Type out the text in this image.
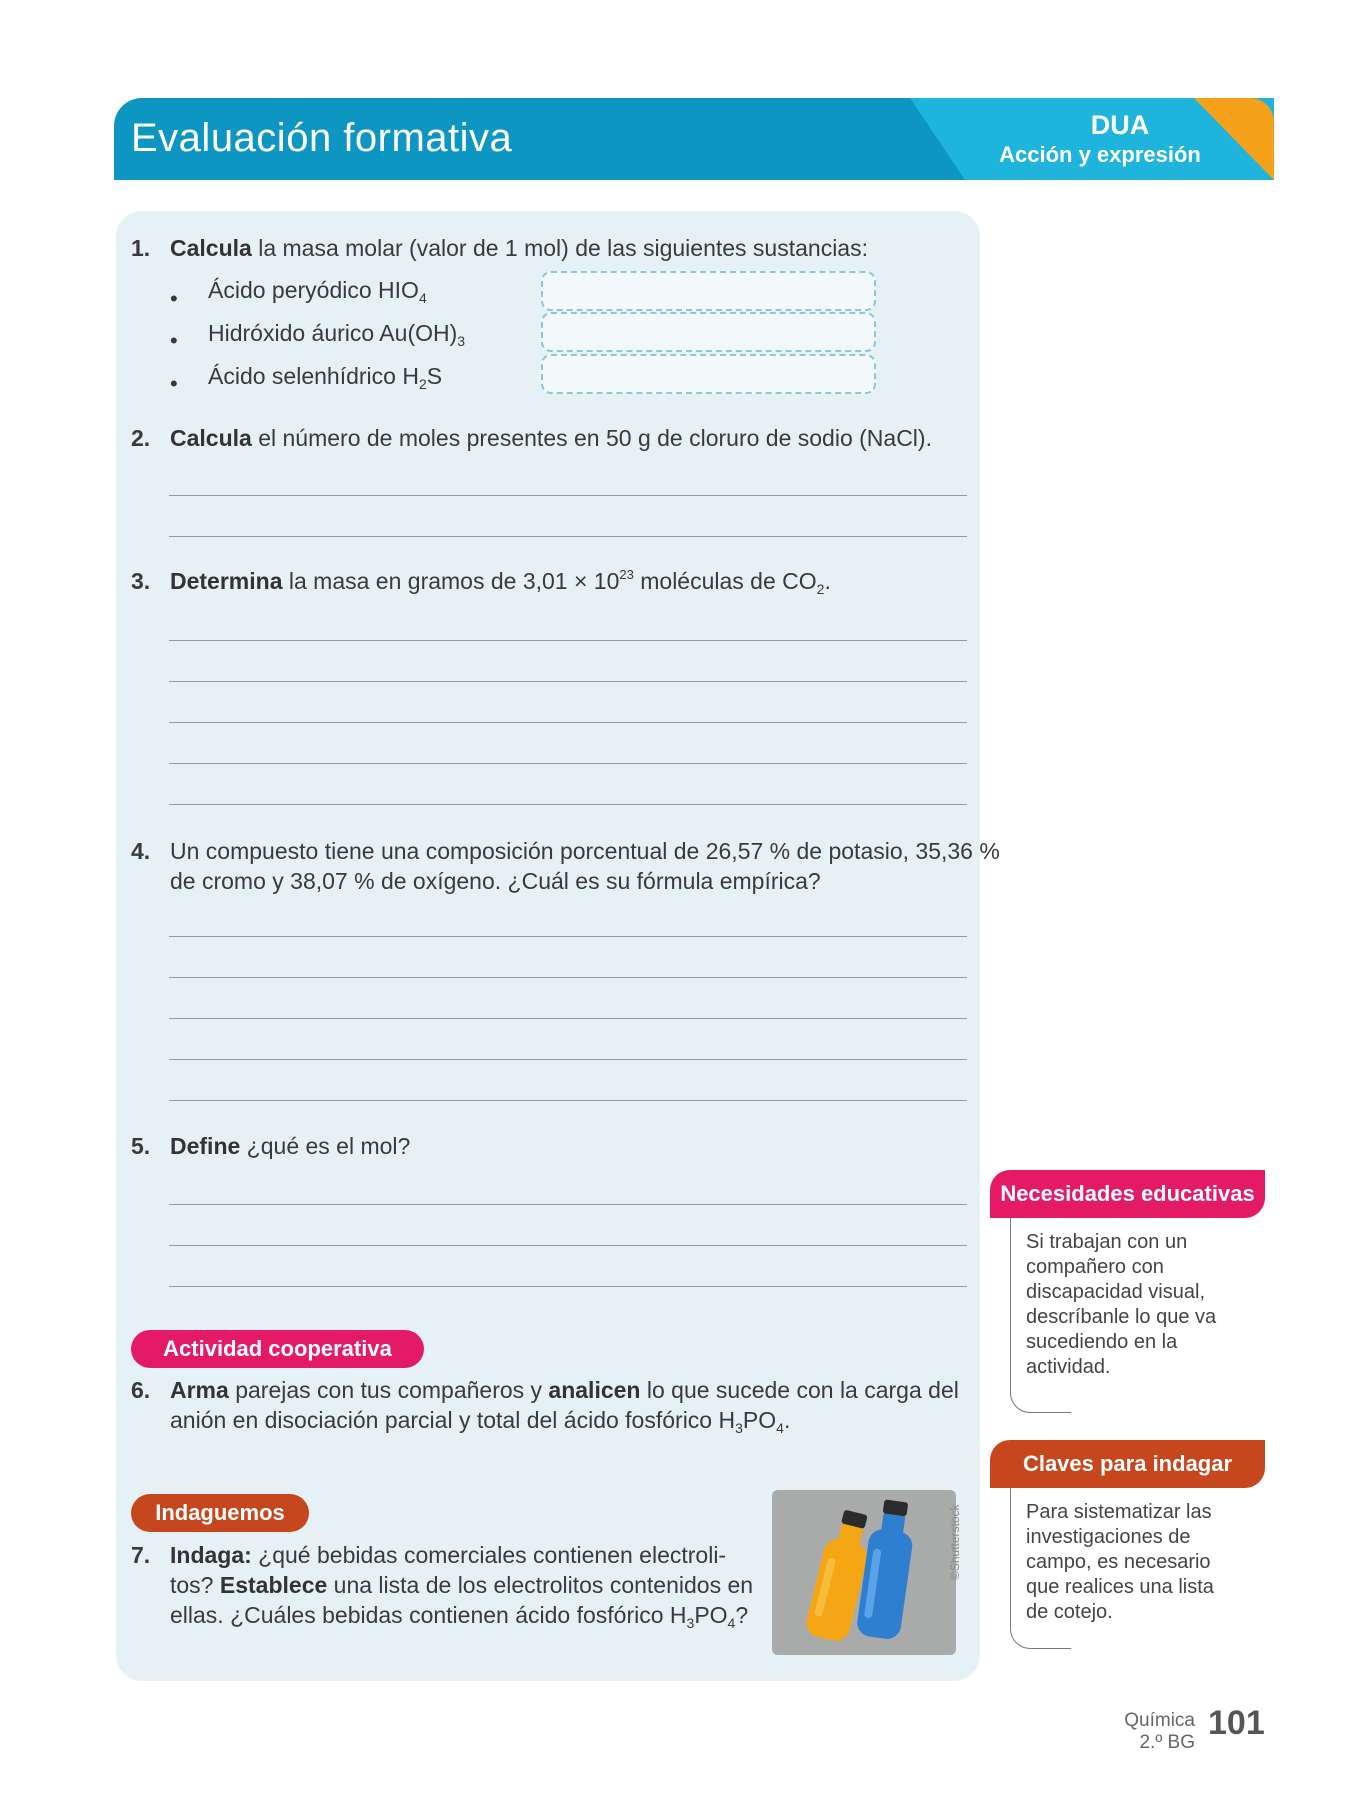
Evaluación formativa	DUA
Acción y expresión
1. Calcula la masa molar (valor de 1 mol) de las siguientes sustancias:
• Ácido peryódico $HIO_4$
• Hidróxido áurico $Au(OH)_3$
• Ácido selenhídrico $H_2S$
2. Calcula el número de moles presentes en 50 g de cloruro de sodio (NaCl).
3. Determina la masa en gramos de $3,01 \times 10^{23}$ moléculas de $CO_2$.
4. Un compuesto tiene una composición porcentual de 26,57 % de potasio, 35,36 %
de cromo y 38,07 % de oxígeno. ¿Cuál es su fórmula empírica?
5. Define ¿qué es el mol?
Actividad cooperativa
6. Arma parejas con tus compañeros y analicen lo que sucede con la carga del
anión en disociación parcial y total del ácido fosfórico $H_3PO_4$.
Indaguemos
7. Indaga: ¿qué bebidas comerciales contienen electroli-
tos? Establece una lista de los electrolitos contenidos en
ellas. ¿Cuáles bebidas contienen ácido fosfórico $H_3PO_4$?
©Shutterstock
Necesidades educativas
Si trabajan con un
compañero con
discapacidad visual,
descríbanle lo que va
sucediendo en la
actividad.
Claves para indagar
Para sistematizar las
investigaciones de
campo, es necesario
que realices una lista
de cotejo.
Química
2.º BG
101
